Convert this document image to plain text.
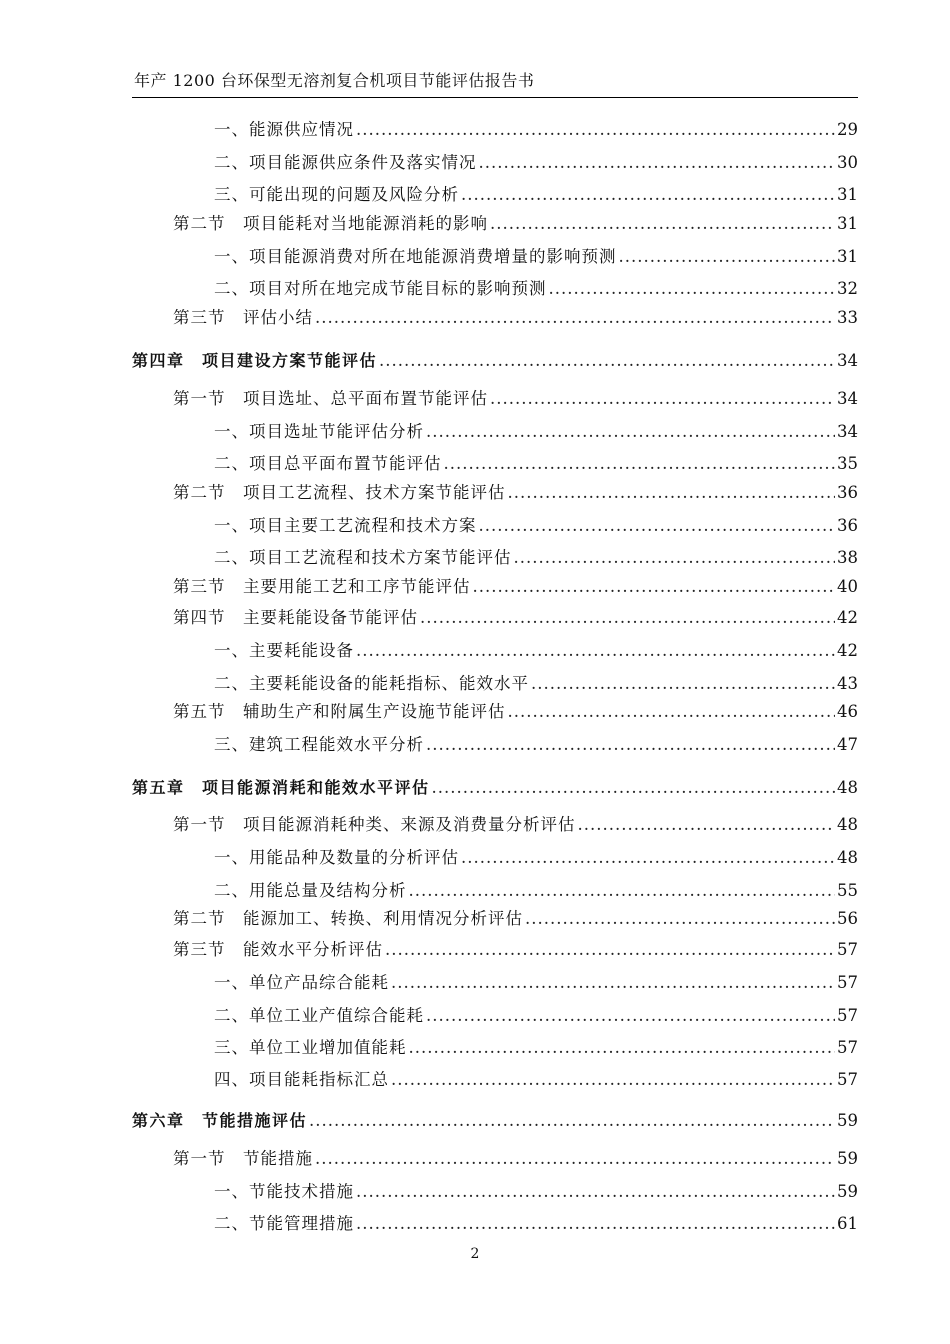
年产 1200 台环保型无溶剂复合机项目节能评估报告书
一、能源供应情况 .....	29
二、项目能源供应条件及落实情况 .....	30
三、可能出现的问题及风险分析 .....	31
第二节　项目能耗对当地能源消耗的影响 .....	31
一、项目能源消费对所在地能源消费增量的影响预测 .....	31
二、项目对所在地完成节能目标的影响预测 .....	32
第三节　评估小结 .....	33
第四章　项目建设方案节能评估 .....	34
第一节　项目选址、总平面布置节能评估 .....	34
一、项目选址节能评估分析 .....	34
二、项目总平面布置节能评估 .....	35
第二节　项目工艺流程、技术方案节能评估 .....	36
一、项目主要工艺流程和技术方案 .....	36
二、项目工艺流程和技术方案节能评估 .....	38
第三节　主要用能工艺和工序节能评估 .....	40
第四节　主要耗能设备节能评估 .....	42
一、主要耗能设备 .....	42
二、主要耗能设备的能耗指标、能效水平 .....	43
第五节　辅助生产和附属生产设施节能评估 .....	46
三、建筑工程能效水平分析 .....	47
第五章　项目能源消耗和能效水平评估 .....	48
第一节　项目能源消耗种类、来源及消费量分析评估 .....	48
一、用能品种及数量的分析评估 .....	48
二、用能总量及结构分析 .....	55
第二节　能源加工、转换、利用情况分析评估 .....	56
第三节　能效水平分析评估 .....	57
一、单位产品综合能耗 .....	57
二、单位工业产值综合能耗 .....	57
三、单位工业增加值能耗 .....	57
四、项目能耗指标汇总 .....	57
第六章　节能措施评估 .....	59
第一节　节能措施 .....	59
一、节能技术措施 .....	59
二、节能管理措施 .....	61
2
